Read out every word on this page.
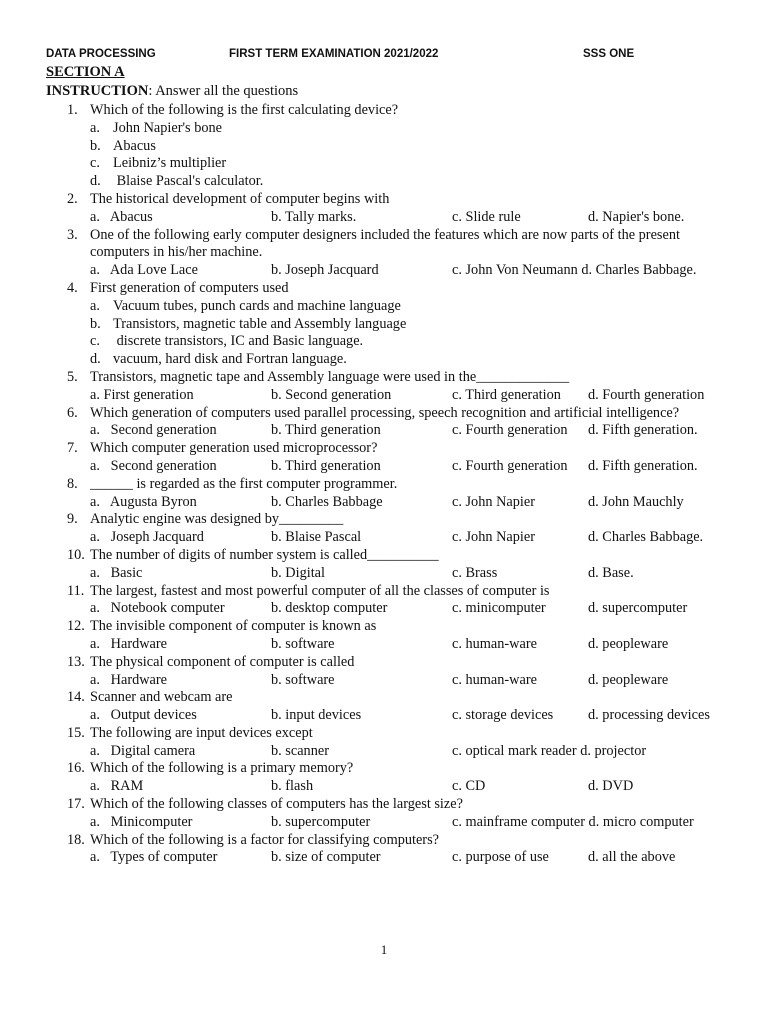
DATA PROCESSING	FIRST TERM EXAMINATION 2021/2022	SSS ONE
SECTION A
INSTRUCTION: Answer all the questions
1. Which of the following is the first calculating device?
a. John Napier's bone
b. Abacus
c. Leibniz’s multiplier
d. Blaise Pascal's calculator.
2. The historical development of computer begins with
a.   Abacus	b. Tally marks.	c. Slide rule	d. Napier's bone.
3. One of the following early computer designers included the features which are now parts of the present
computers in his/her machine.
a.   Ada Love Lace	b. Joseph Jacquard	c. John Von Neumann d. Charles Babbage.
4. First generation of computers used
a. Vacuum tubes, punch cards and machine language
b. Transistors, magnetic table and Assembly language
c. discrete transistors, IC and Basic language.
d. vacuum, hard disk and Fortran language.
5. Transistors, magnetic tape and Assembly language were used in the_____________
a. First generation	b. Second generation	c. Third generation d. Fourth generation
6. Which generation of computers used parallel processing, speech recognition and artificial intelligence?
a.   Second generation	b. Third generation	c. Fourth generation d. Fifth generation.
7. Which computer generation used microprocessor?
a.   Second generation	b. Third generation	c. Fourth generation d. Fifth generation.
8. ______ is regarded as the first computer programmer.
a.   Augusta Byron	b. Charles Babbage	c. John Napier	d. John Mauchly
9. Analytic engine was designed by_________
a.   Joseph Jacquard	b. Blaise Pascal	c. John Napier	d. Charles Babbage.
10. The number of digits of number system is called__________
a.   Basic	b. Digital	c. Brass	d. Base.
11. The largest, fastest and most powerful computer of all the classes of computer is
a.   Notebook computer	b. desktop computer	c. minicomputer	d. supercomputer
12. The invisible component of computer is known as
a.   Hardware	b. software	c. human-ware	d. peopleware
13. The physical component of computer is called
a.   Hardware	b. software	c. human-ware	d. peopleware
14. Scanner and webcam are
a.   Output devices	b. input devices	c. storage devices d. processing devices
15. The following are input devices except
a.   Digital camera	b. scanner	c. optical mark reader d. projector
16. Which of the following is a primary memory?
a.   RAM	b. flash	c. CD	d. DVD
17. Which of the following classes of computers has the largest size?
a.   Minicomputer	b. supercomputer	c. mainframe computer d. micro computer
18. Which of the following is a factor for classifying computers?
a.   Types of computer	b. size of computer	c. purpose of use	d. all the above
1
